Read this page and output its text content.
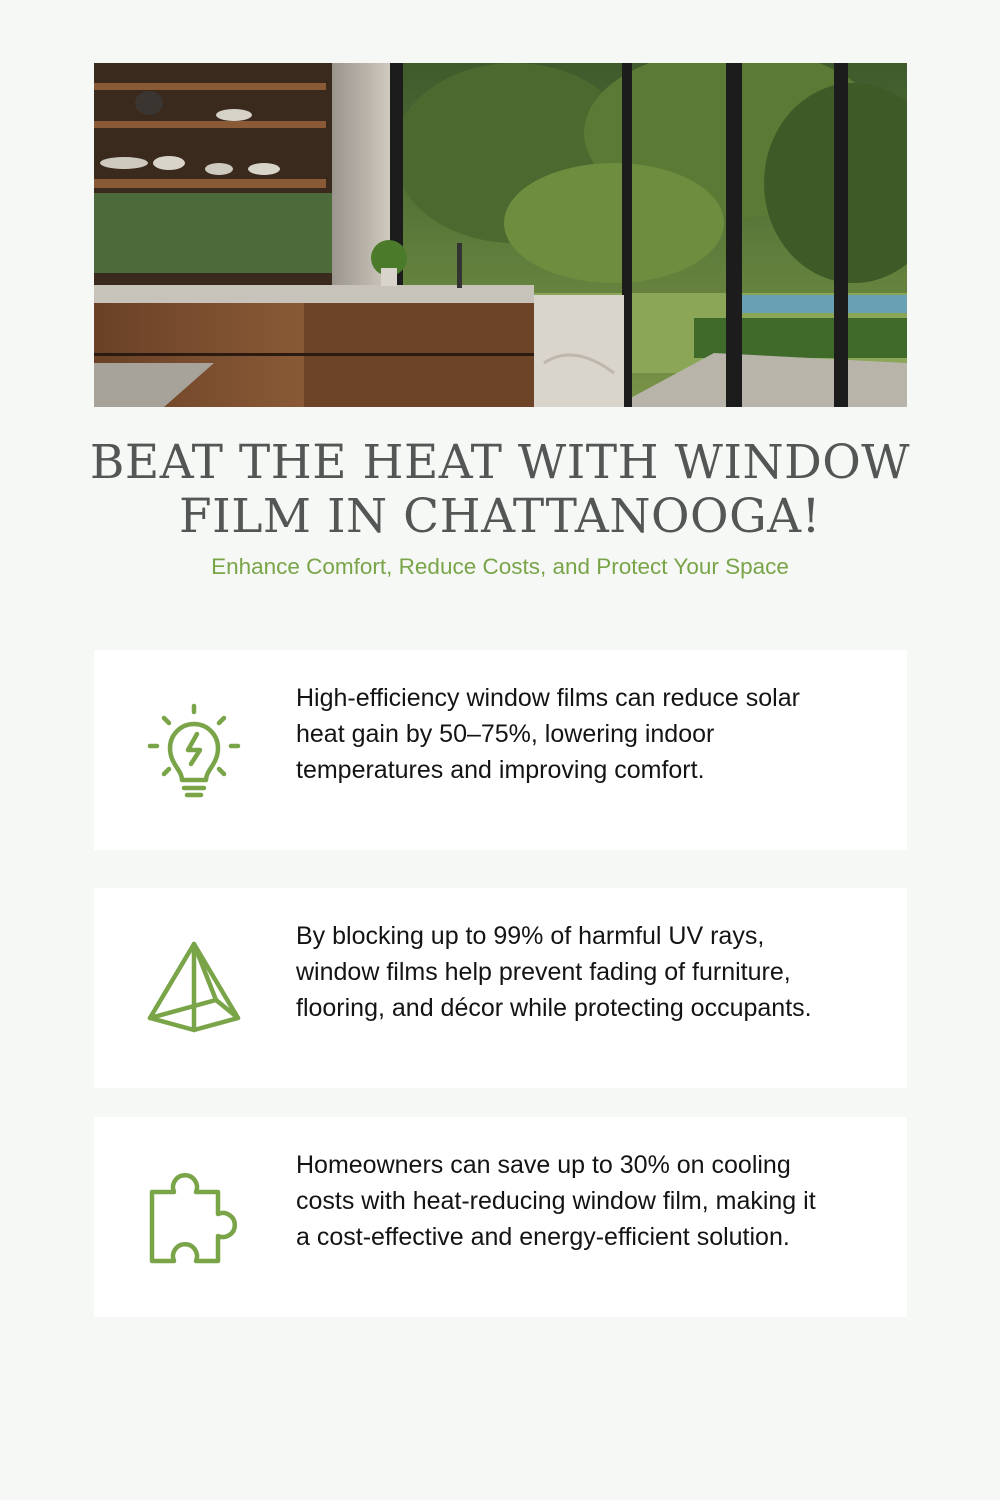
BEAT THE HEAT WITH WINDOW FILM IN CHATTANOOGA!
Enhance Comfort, Reduce Costs, and Protect Your Space
High-efficiency window films can reduce solar heat gain by 50–75%, lowering indoor temperatures and improving comfort.
By blocking up to 99% of harmful UV rays, window films help prevent fading of furniture, flooring, and décor while protecting occupants.
Homeowners can save up to 30% on cooling costs with heat-reducing window film, making it a cost-effective and energy-efficient solution.
